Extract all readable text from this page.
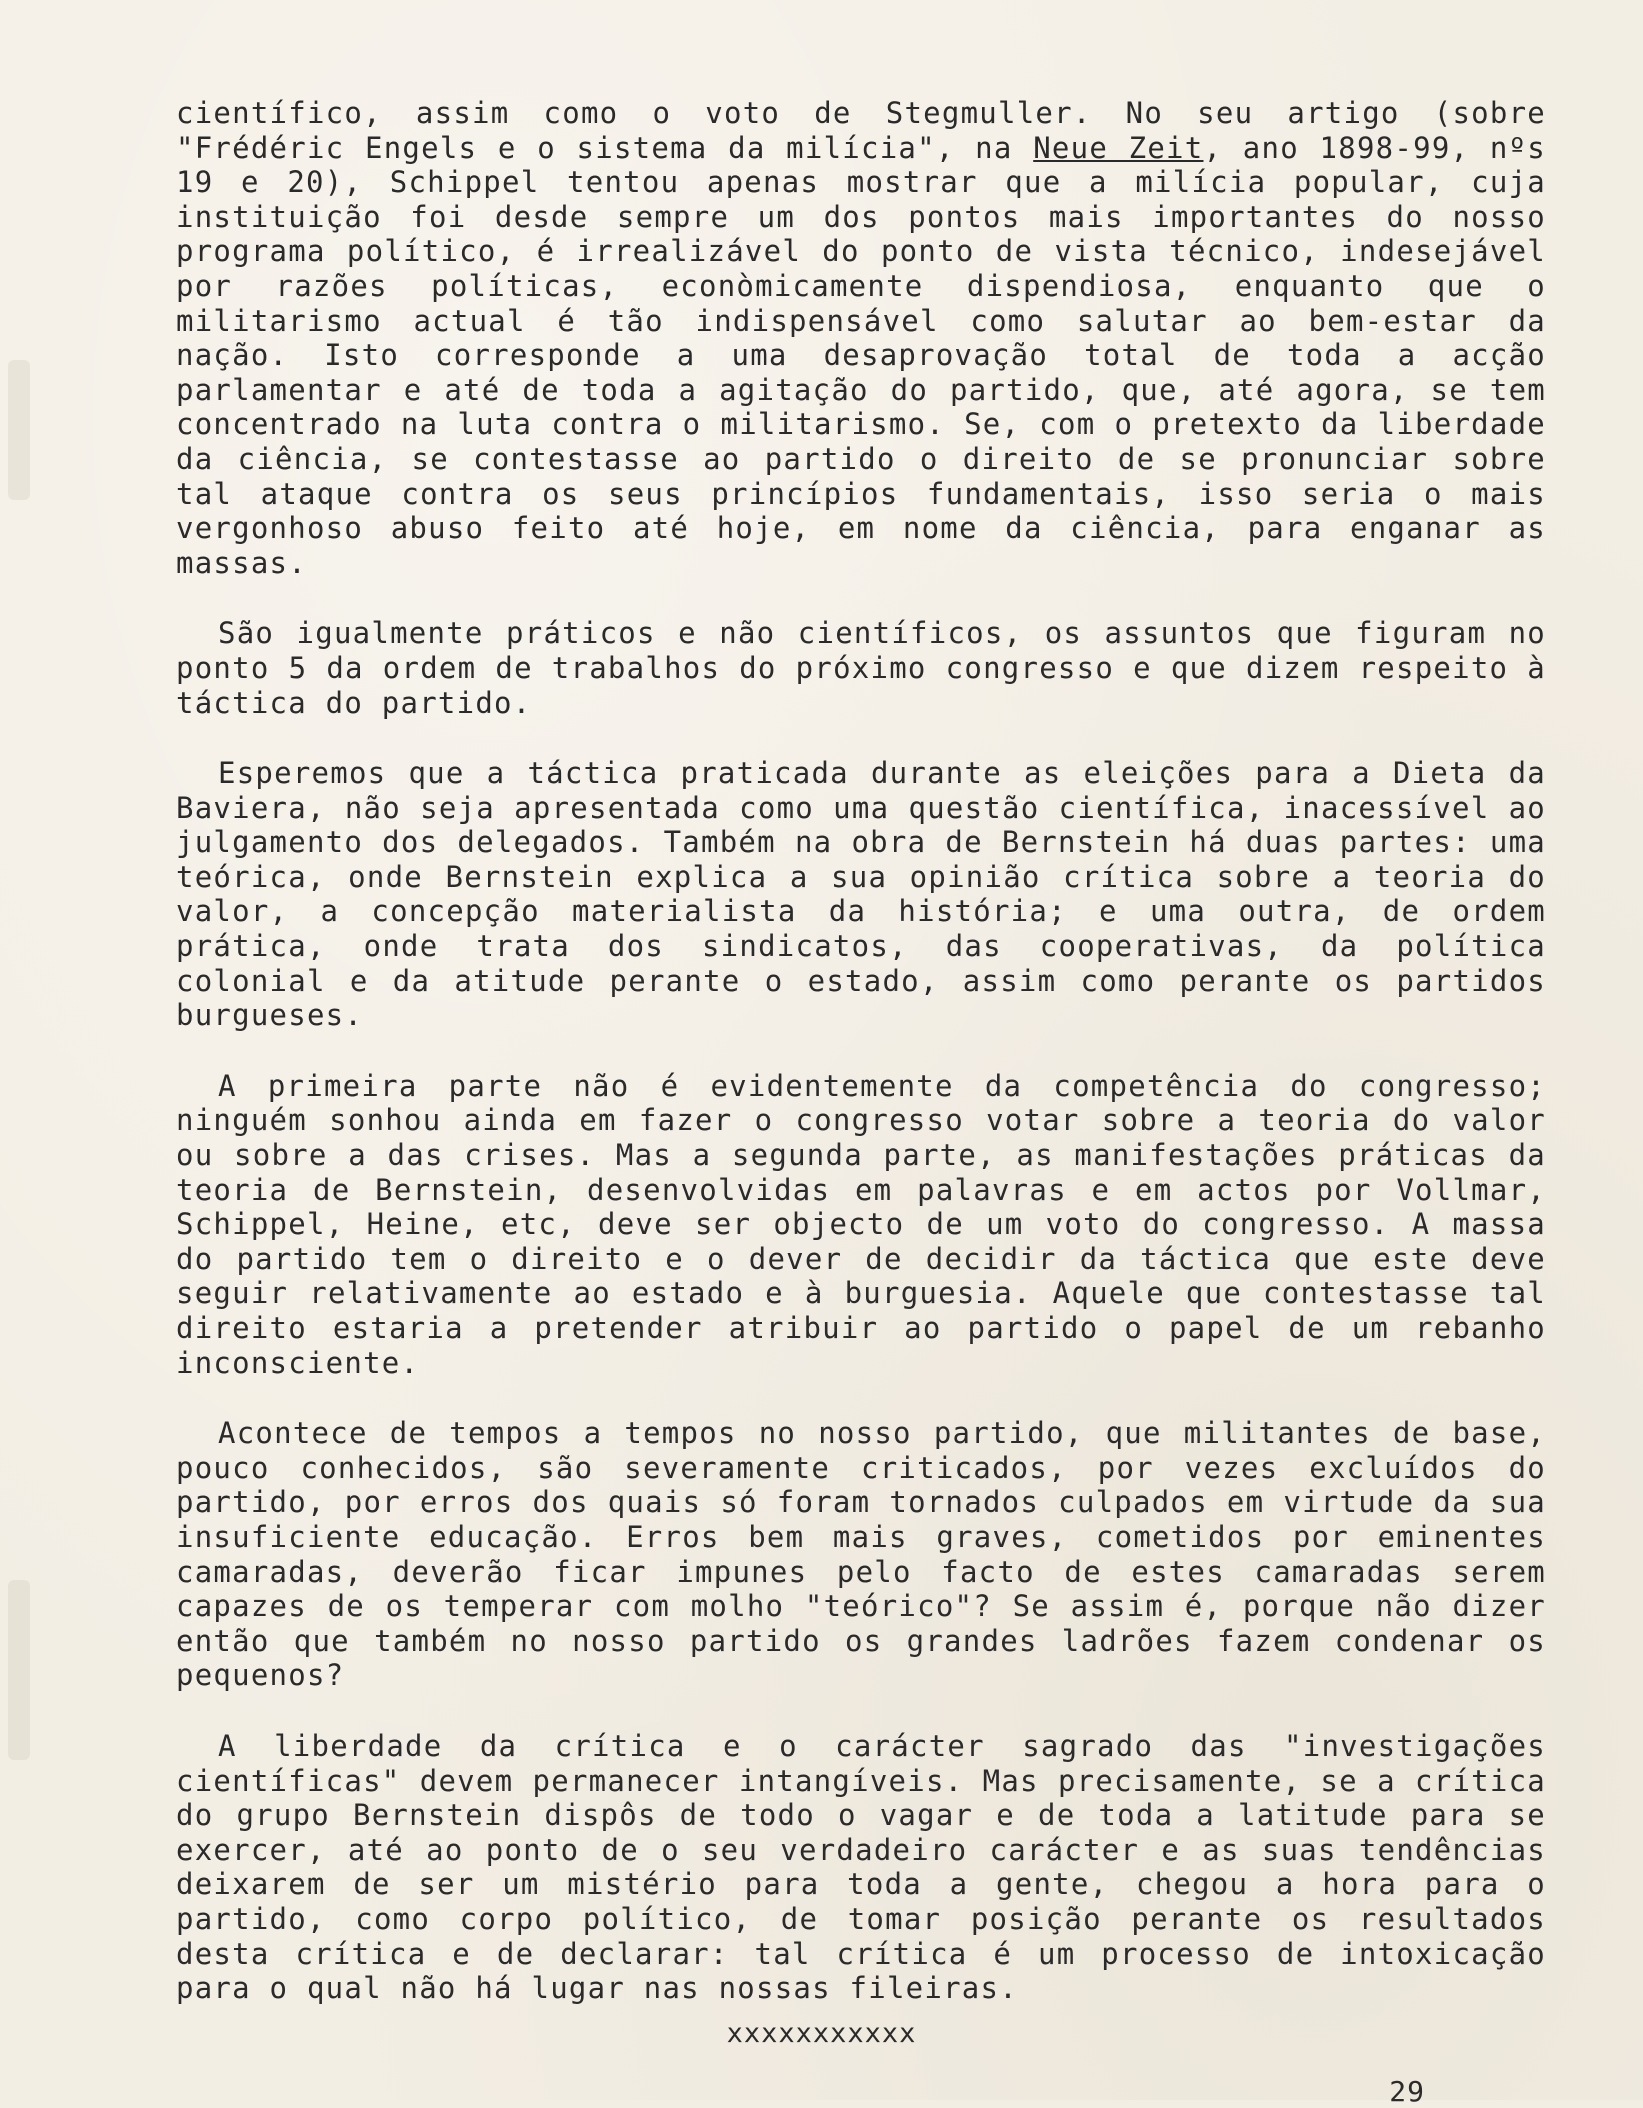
científico, assim como o voto de Stegmuller. No seu artigo (sobre "Frédéric Engels e o sistema da milícia", na Neue Zeit, ano 1898-99, nºs 19 e 20), Schippel tentou apenas mostrar que a milícia popular, cuja instituição foi desde sempre um dos pontos mais importantes do nosso programa político, é irrealizável do ponto de vista técnico, indesejável por razões políticas, econòmicamente dispendiosa, enquanto que o militarismo actual é tão indispensável como salutar ao bem-estar da nação. Isto corresponde a uma desaprovação total de toda a acção parlamentar e até de toda a agitação do partido, que, até agora, se tem concentrado na luta contra o militarismo. Se, com o pretexto da liberdade da ciência, se contestasse ao partido o direito de se pronunciar sobre tal ataque contra os seus princípios fundamentais, isso seria o mais vergonhoso abuso feito até hoje, em nome da ciência, para enganar as massas.

São igualmente práticos e não científicos, os assuntos que figuram no ponto 5 da ordem de trabalhos do próximo congresso e que dizem respeito à táctica do partido.

Esperemos que a táctica praticada durante as eleições para a Dieta da Baviera, não seja apresentada como uma questão científica, inacessível ao julgamento dos delegados. Também na obra de Bernstein há duas partes: uma teórica, onde Bernstein explica a sua opinião crítica sobre a teoria do valor, a concepção materialista da história; e uma outra, de ordem prática, onde trata dos sindicatos, das cooperativas, da política colonial e da atitude perante o estado, assim como perante os partidos burgueses.

A primeira parte não é evidentemente da competência do congresso; ninguém sonhou ainda em fazer o congresso votar sobre a teoria do valor ou sobre a das crises. Mas a segunda parte, as manifestações práticas da teoria de Bernstein, desenvolvidas em palavras e em actos por Vollmar, Schippel, Heine, etc, deve ser objecto de um voto do congresso. A massa do partido tem o direito e o dever de decidir da táctica que este deve seguir relativamente ao estado e à burguesia. Aquele que contestasse tal direito estaria a pretender atribuir ao partido o papel de um rebanho inconsciente.

Acontece de tempos a tempos no nosso partido, que militantes de base, pouco conhecidos, são severamente criticados, por vezes excluídos do partido, por erros dos quais só foram tornados culpados em virtude da sua insuficiente educação. Erros bem mais graves, cometidos por eminentes camaradas, deverão ficar impunes pelo facto de estes camaradas serem capazes de os temperar com molho "teórico"? Se assim é, porque não dizer então que também no nosso partido os grandes ladrões fazem condenar os pequenos?

A liberdade da crítica e o carácter sagrado das "investigações científicas" devem permanecer intangíveis. Mas precisamente, se a crítica do grupo Bernstein dispôs de todo o vagar e de toda a latitude para se exercer, até ao ponto de o seu verdadeiro carácter e as suas tendências deixarem de ser um mistério para toda a gente, chegou a hora para o partido, como corpo político, de tomar posição perante os resultados desta crítica e de declarar: tal crítica é um processo de intoxicação para o qual não há lugar nas nossas fileiras.

xxxxxxxxxxx
29
